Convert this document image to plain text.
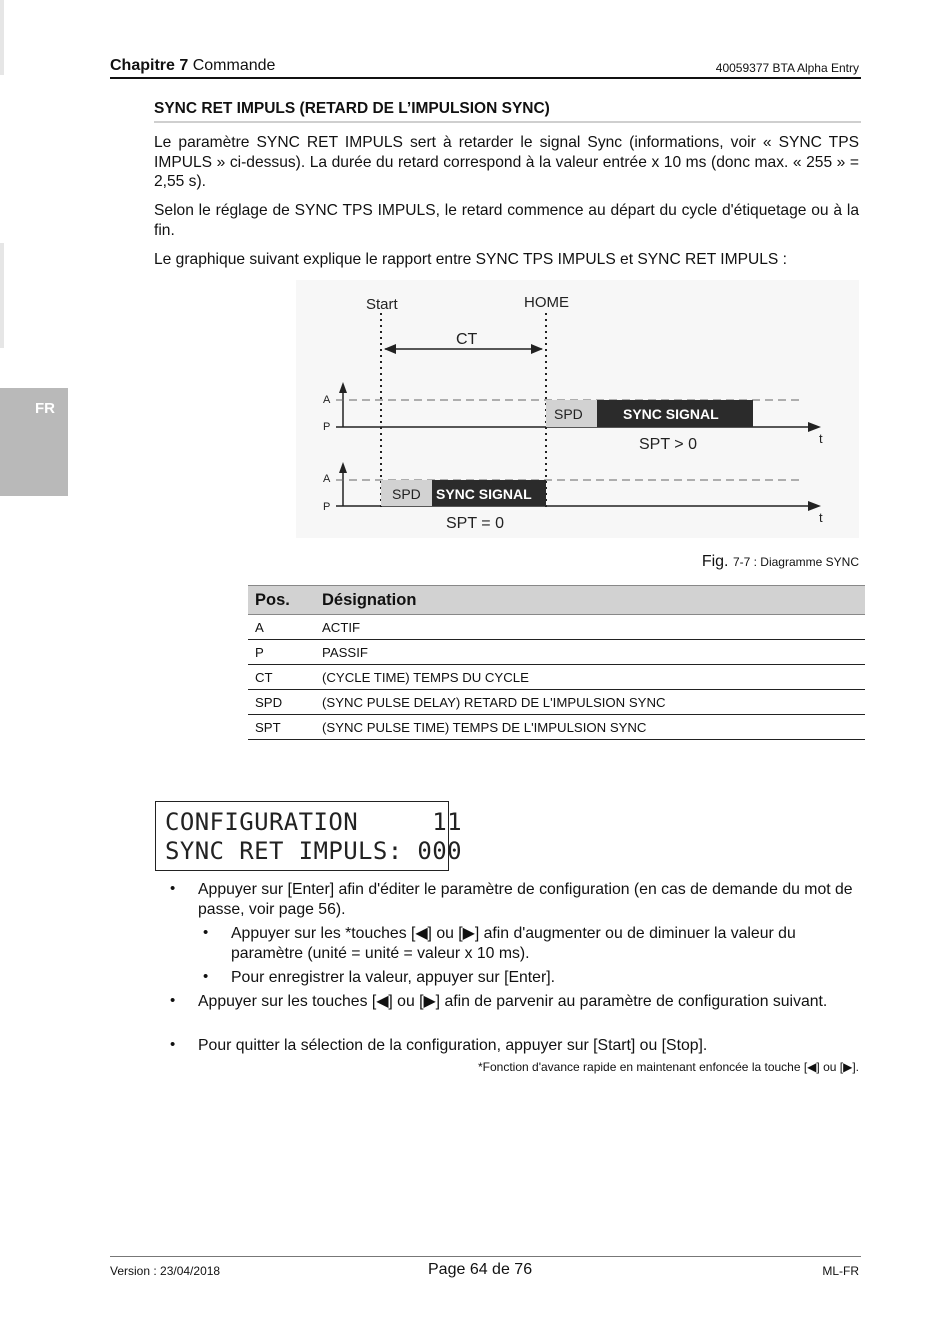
FR
Chapitre 7 Commande	40059377 BTA Alpha Entry
SYNC RET IMPULS (RETARD DE L’IMPULSION SYNC)
Le paramètre SYNC RET IMPULS sert à retarder le signal Sync (informations, voir « SYNC TPS IMPULS » ci-dessus). La durée du retard correspond à la valeur entrée x 10 ms (donc max. « 255 » = 2,55 s).
Selon le réglage de SYNC TPS IMPULS, le retard commence au départ du cycle d'étiquetage ou à la fin.
Le graphique suivant explique le rapport entre SYNC TPS IMPULS et SYNC RET IMPULS :
Start	HOME
CT
A
P
t
SPD	SYNC SIGNAL
SPT > 0
A
P
t
SPD SYNC SIGNAL
SPT = 0
Fig. 7-7 : Diagramme SYNC
Pos.	Désignation
A	ACTIF
P	PASSIF
CT	(CYCLE TIME) TEMPS DU CYCLE
SPD	(SYNC PULSE DELAY) RETARD DE L'IMPULSION SYNC
SPT	(SYNC PULSE TIME) TEMPS DE L'IMPULSION SYNC
CONFIGURATION     11
SYNC RET IMPULS: 000
• Appuyer sur [Enter] afin d'éditer le paramètre de configuration (en cas de demande du mot de passe, voir page 56).
• Appuyer sur les *touches [◀] ou [▶] afin d'augmenter ou de diminuer la valeur du paramètre (unité = unité = valeur x 10 ms).
• Pour enregistrer la valeur, appuyer sur [Enter].
• Appuyer sur les touches [◀] ou [▶] afin de parvenir au paramètre de configuration suivant.
• Pour quitter la sélection de la configuration, appuyer sur [Start] ou [Stop].
*Fonction d'avance rapide en maintenant enfoncée la touche [◀] ou [▶].
Version : 23/04/2018	Page 64 de 76	ML-FR
